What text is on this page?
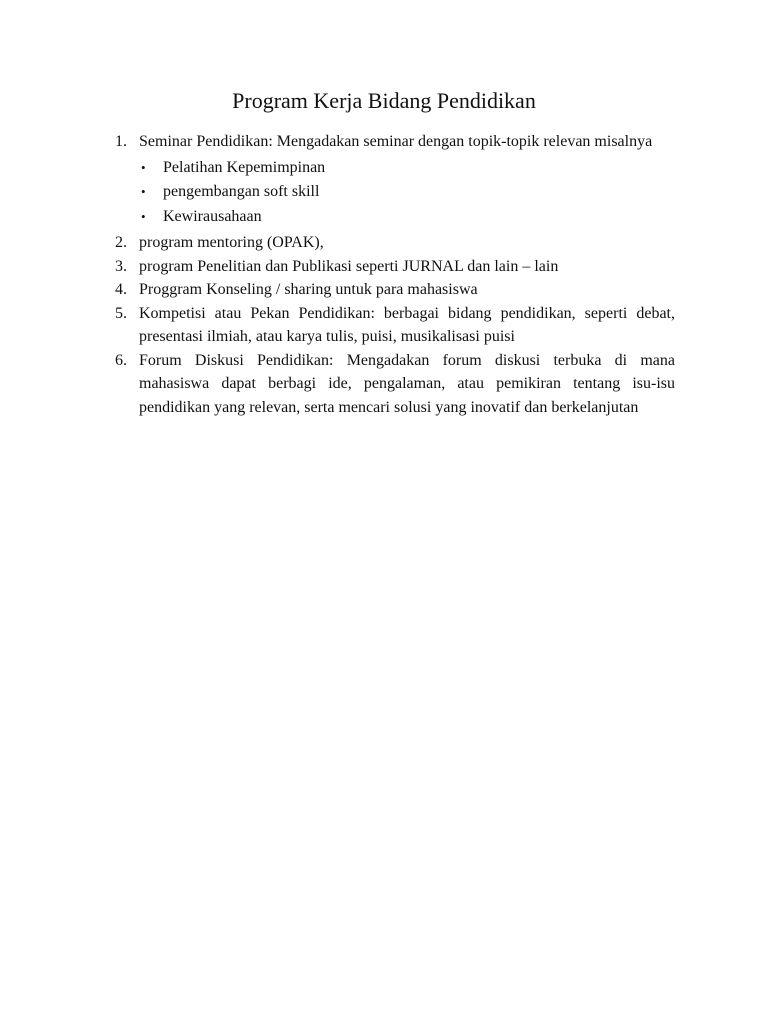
Program Kerja Bidang Pendidikan
1. Seminar Pendidikan: Mengadakan seminar dengan topik-topik relevan misalnya
• Pelatihan Kepemimpinan
• pengembangan soft skill
• Kewirausahaan
2. program mentoring (OPAK),
3. program Penelitian dan Publikasi seperti JURNAL dan lain – lain
4. Proggram Konseling / sharing untuk para mahasiswa
5. Kompetisi atau Pekan Pendidikan: berbagai bidang pendidikan, seperti debat, presentasi ilmiah, atau karya tulis, puisi, musikalisasi puisi
6. Forum Diskusi Pendidikan: Mengadakan forum diskusi terbuka di mana mahasiswa dapat berbagi ide, pengalaman, atau pemikiran tentang isu-isu pendidikan yang relevan, serta mencari solusi yang inovatif dan berkelanjutan
